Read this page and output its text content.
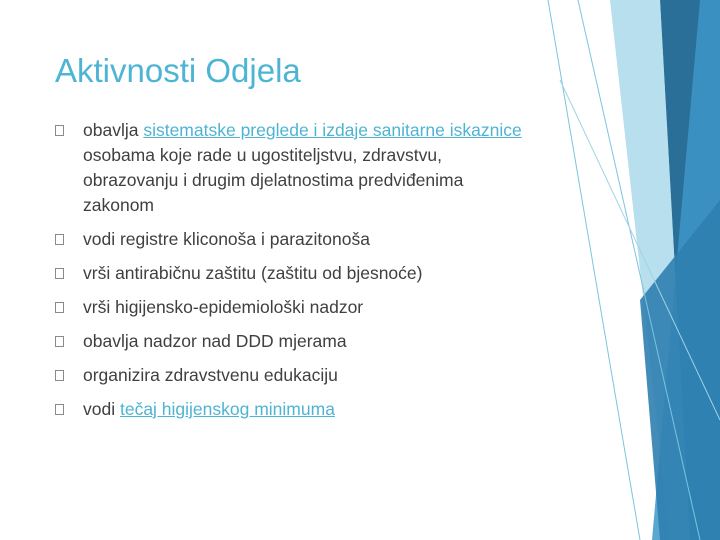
Aktivnosti Odjela
obavlja sistematske preglede i izdaje sanitarne iskaznice osobama koje rade u ugostiteljstvu, zdravstvu, obrazovanju i drugim djelatnostima predviđenima zakonom
vodi registre kliconoša i parazitonoša
vrši antirabičnu zaštitu (zaštitu od bjesnoće)
vrši higijensko-epidemiološki nadzor
obavlja nadzor nad DDD mjerama
organizira zdravstvenu edukaciju
vodi tečaj higijenskog minimuma
